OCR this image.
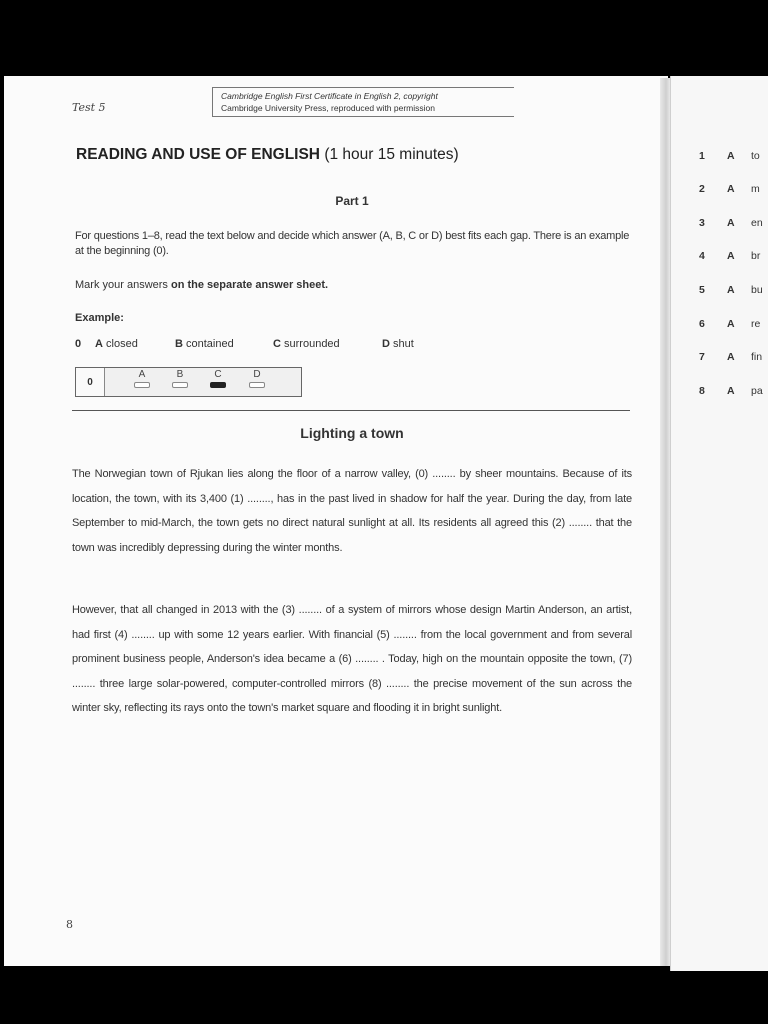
1 A to
2 A m
3 A en
4 A br
5 A bu
6 A re
7 A fin
8 A pa
Test 5
Cambridge English First Certificate in English 2, copyright
Cambridge University Press, reproduced with permission
READING AND USE OF ENGLISH (1 hour 15 minutes)
Part 1
For questions 1–8, read the text below and decide which answer (A, B, C or D) best fits each gap. There is an example at the beginning (0).
Mark your answers on the separate answer sheet.
Example:
0 A closed	B contained	C surrounded	D shut
0
A	B	C	D
Lighting a town
The Norwegian town of Rjukan lies along the floor of a narrow valley, (0) ........ by sheer mountains. Because of its location, the town, with its 3,400 (1) ........, has in the past lived in shadow for half the year. During the day, from late September to mid-March, the town gets no direct natural sunlight at all. Its residents all agreed this (2) ........ that the town was incredibly depressing during the winter months.
However, that all changed in 2013 with the (3) ........ of a system of mirrors whose design Martin Anderson, an artist, had first (4) ........ up with some 12 years earlier. With financial (5) ........ from the local government and from several prominent business people, Anderson's idea became a (6) ........ . Today, high on the mountain opposite the town, (7) ........ three large solar-powered, computer-controlled mirrors (8) ........ the precise movement of the sun across the winter sky, reflecting its rays onto the town's market square and flooding it in bright sunlight.
8
